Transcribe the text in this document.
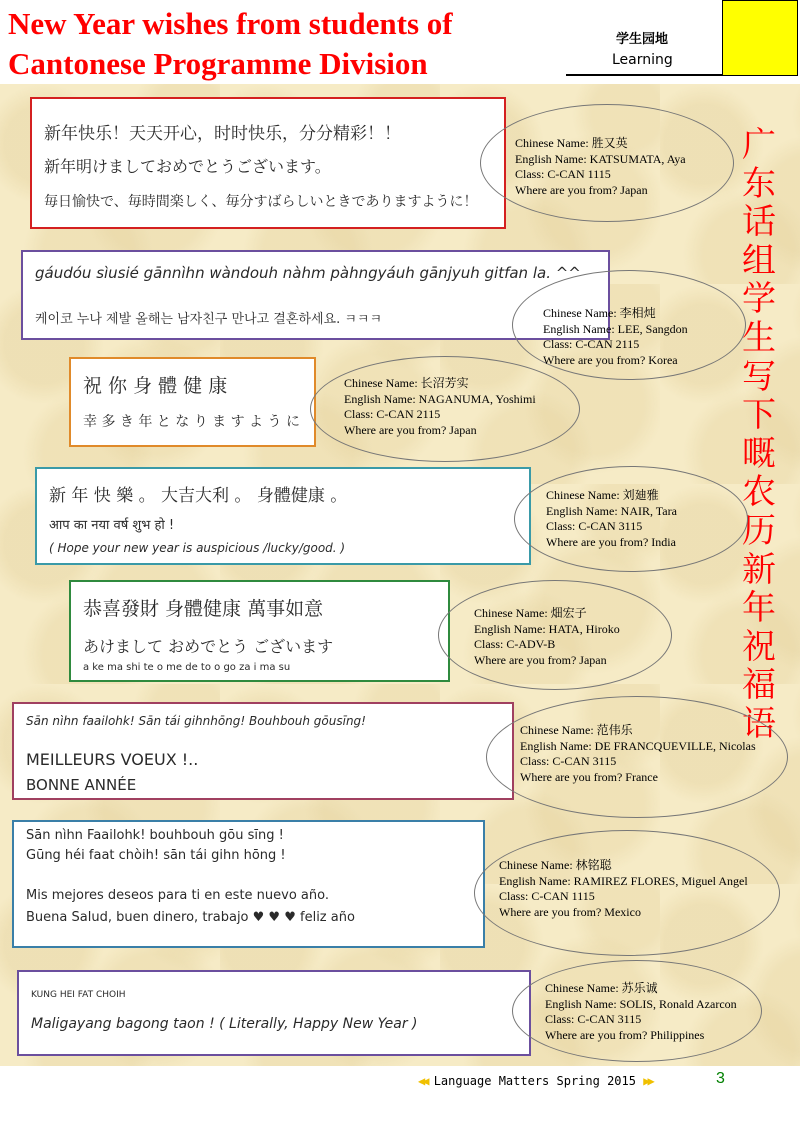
New Year wishes from students of
Cantonese Programme Division
学生园地
Learning
广
东
话
组
学
生
写
下
嘅
农
历
新
年
祝
福
语
新年快乐！天天开心，时时快乐，分分精彩！！
新年明けましておめでとうございます。
毎日愉快で、毎時間楽しく、毎分すばらしいときでありますように！
Chinese Name: 胜又英
English Name: KATSUMATA, Aya
Class: C-CAN 1115
Where are you from? Japan
gáudóu sìusié gānnìhn wàndouh nàhm pàhngyáuh gānjyuh gitfan la. ^^
케이코 누나 제발 올해는 남자친구 만나고 결혼하세요. ㅋㅋㅋ	Chinese Name: 李相炖
English Name: LEE, Sangdon
Class: C-CAN 2115
Where are you from? Korea
祝 你 身 體 健 康
幸 多 き 年 と な り ま す よ う に
Chinese Name: 长沼芳实
English Name: NAGANUMA, Yoshimi
Class: C-CAN 2115
Where are you from? Japan
新 年 快 樂 。 大吉大利 。 身體健康 。
आप का नया वर्ष शुभ हो !
( Hope your new year is auspicious /lucky/good. )
Chinese Name: 刘廸雅
English Name: NAIR, Tara
Class: C-CAN 3115
Where are you from? India
恭喜發財 身體健康 萬事如意
あけまして おめでとう ございます
a ke ma shi te o me de to o go za i ma su
Chinese Name: 畑宏子
English Name: HATA, Hiroko
Class: C-ADV-B
Where are you from? Japan
Sān nìhn faailohk! Sān tái gihnhōng! Bouhbouh gōusīng!
MEILLEURS VOEUX !..
BONNE ANNÉE
Chinese Name: 范伟乐
English Name: DE FRANCQUEVILLE, Nicolas
Class: C-CAN 3115
Where are you from? France
Sān nìhn Faailohk! bouhbouh gōu sīng !
Gūng héi faat chòih! sān tái gihn hōng !
Mis mejores deseos para ti en este nuevo año.
Buena Salud, buen dinero, trabajo ♥ ♥ ♥ feliz año
Chinese Name: 林铭聪
English Name: RAMIREZ FLORES, Miguel Angel
Class: C-CAN 1115
Where are you from? Mexico
KUNG HEI FAT CHOIH
Maligayang bagong taon ! ( Literally, Happy New Year )
Chinese Name: 苏乐诚
English Name: SOLIS, Ronald Azarcon
Class: C-CAN 3115
Where are you from? Philippines
◀◀ Language Matters Spring 2015 ▶▶	3
